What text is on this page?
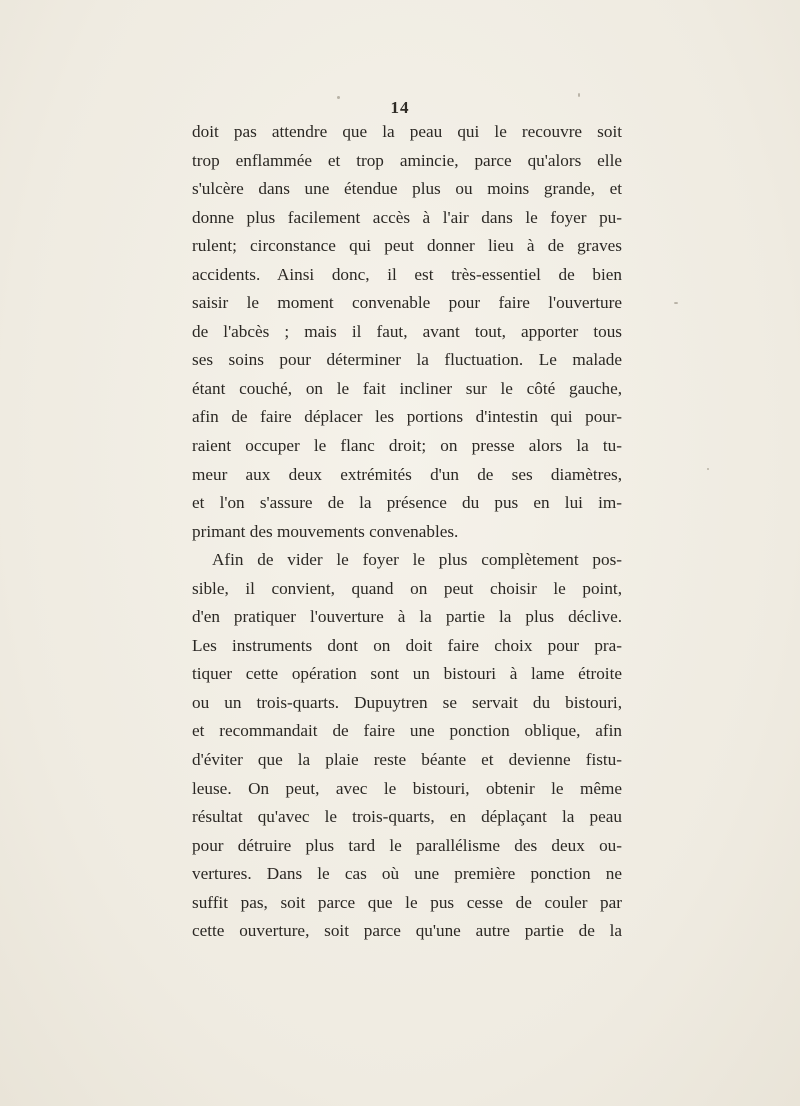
14
doit pas attendre que la peau qui le recouvre soit
trop enflammée et trop amincie, parce qu'alors elle
s'ulcère dans une étendue plus ou moins grande, et
donne plus facilement accès à l'air dans le foyer pu-
rulent; circonstance qui peut donner lieu à de graves
accidents. Ainsi donc, il est très-essentiel de bien
saisir le moment convenable pour faire l'ouverture
de l'abcès ; mais il faut, avant tout, apporter tous
ses soins pour déterminer la fluctuation. Le malade
étant couché, on le fait incliner sur le côté gauche,
afin de faire déplacer les portions d'intestin qui pour-
raient occuper le flanc droit; on presse alors la tu-
meur aux deux extrémités d'un de ses diamètres,
et l'on s'assure de la présence du pus en lui im-
primant des mouvements convenables.
Afin de vider le foyer le plus complètement pos-
sible, il convient, quand on peut choisir le point,
d'en pratiquer l'ouverture à la partie la plus déclive.
Les instruments dont on doit faire choix pour pra-
tiquer cette opération sont un bistouri à lame étroite
ou un trois-quarts. Dupuytren se servait du bistouri,
et recommandait de faire une ponction oblique, afin
d'éviter que la plaie reste béante et devienne fistu-
leuse. On peut, avec le bistouri, obtenir le même
résultat qu'avec le trois-quarts, en déplaçant la peau
pour détruire plus tard le parallélisme des deux ou-
vertures. Dans le cas où une première ponction ne
suffit pas, soit parce que le pus cesse de couler par
cette ouverture, soit parce qu'une autre partie de la
